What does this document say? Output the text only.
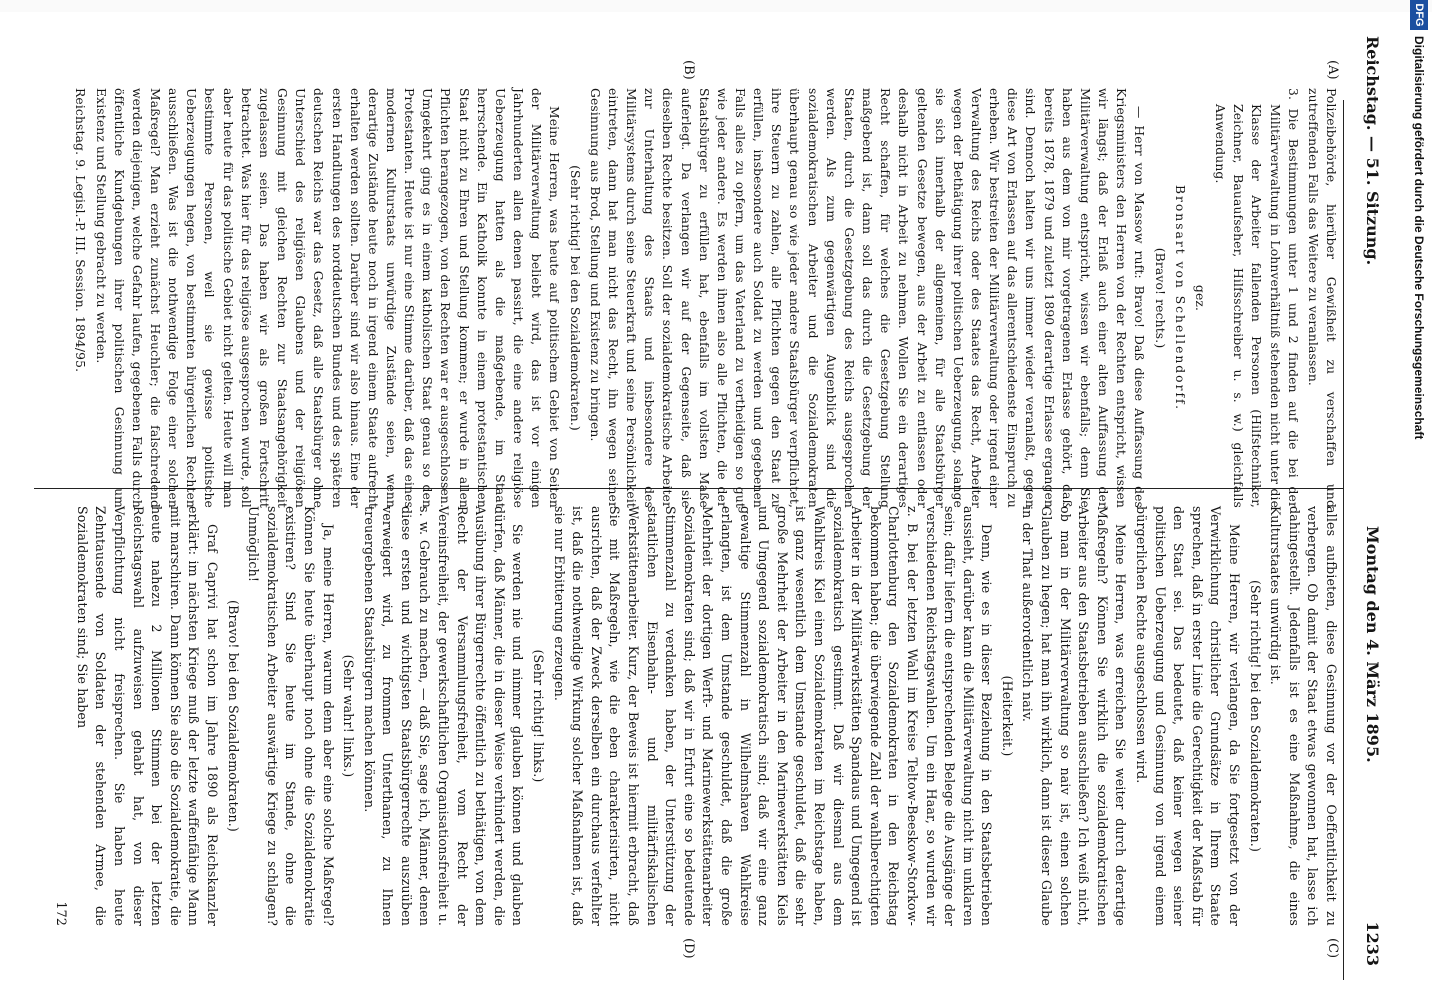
Reichstag. — 51. Sitzung.
Montag den 4. März 1895.
1233
(A)
(B)
(C)
(D)

Polizeibehörde, hierüber Gewißheit zu verschaffen und zutreffenden Falls das Weitere zu veranlassen.

3. Die Bestimmungen unter 1 und 2 finden auf die bei der Militärverwaltung in Lohnverhältniß stehenden nicht unter die Klasse der Arbeiter fallenden Personen (Hilfstechniker, Zeichner, Bauaufseher, Hilfsschreiber u. s. w.) gleichfalls Anwendung.

gez.

Bronsart von Schellendorff.

(Bravo! rechts.)

— Herr von Massow ruft: Bravo! Daß diese Auffassung des Kriegsministers den Herren von der Rechten entspricht, wissen wir längst; daß der Erlaß auch einer alten Auffassung der Militärverwaltung entspricht, wissen wir ebenfalls; denn Sie haben aus dem von mir vorgetragenen Erlasse gehört, daß bereits 1878, 1879 und zuletzt 1890 derartige Erlasse ergangen sind. Dennoch halten wir uns immer wieder veranlaßt, gegen diese Art von Erlassen auf das allerentschiedenste Einspruch zu erheben. Wir bestreiten der Militärverwaltung oder irgend einer Verwaltung des Reichs oder des Staates das Recht, Arbeiter wegen der Bethätigung ihrer politischen Ueberzeugung, solange sie sich innerhalb der allgemeinen, für alle Staatsbürger geltenden Gesetze bewegen, aus der Arbeit zu entlassen oder deshalb nicht in Arbeit zu nehmen. Wollen Sie ein derartiges Recht schaffen, für welches die Gesetzgebung Stellung maßgebend ist, dann soll das durch die Gesetzgebung der Staaten, durch die Gesetzgebung des Reichs ausgesprochen werden. Als zum gegenwärtigen Augenblick sind die sozialdemokratischen Arbeiter und die Sozialdemokraten überhaupt genau so wie jeder andere Staatsbürger verpflichtet, ihre Steuern zu zahlen, alle Pflichten gegen den Staat zu erfüllen, insbesondere auch Soldat zu werden und gegebenen Falls alles zu opfern, um das Vaterland zu vertheidigen so gut wie jeder andere. Es werden ihnen also alle Pflichten, die der Staatsbürger zu erfüllen hat, ebenfalls im vollsten Maße auferlegt. Da verlangen wir auf der Gegenseite, daß sie dieselben Rechte besitzen. Soll der sozialdemokratische Arbeiter zur Unterhaltung des Staats und insbesondere des Militärsystems durch seine Steuerkraft und seine Persönlichkeit eintreten, dann hat man nicht das Recht, ihn wegen seiner Gesinnung aus Brod, Stellung und Existenz zu bringen.

(Sehr richtig! bei den Sozialdemokraten.)

Meine Herren, was heute auf politischem Gebiet von Seiten der Militärverwaltung beliebt wird, das ist vor einigen Jahrhunderten allen denen passirt, die eine andere religiöse Ueberzeugung hatten als die maßgebende, im Staat herrschende. Ein Katholik konnte in einem protestantischen Staat nicht zu Ehren und Stellung kommen; er wurde in allen Pflichten herangezogen, von den Rechten war er ausgeschlossen. Umgekehrt ging es in einem katholischen Staat genau so den Protestanten. Heute ist nur eine Stimme darüber, daß das eines modernen Kulturstaats unwürdige Zustände seien, wenn derartige Zustände heute noch in irgend einem Staate aufrecht erhalten werden sollten. Darüber sind wir also hinaus. Eine der ersten Handlungen des norddeutschen Bundes und des späteren deutschen Reichs war das Gesetz, daß alle Staatsbürger ohne Unterschied des religiösen Glaubens und der religiösen Gesinnung mit gleichen Rechten zur Staatsangehörigkeit zugelassen seien. Das haben wir als großen Fortschritt betrachtet. Was hier für das religiöse ausgesprochen wurde, soll aber heute für das politische Gebiet nicht gelten. Heute will man bestimmte Personen, weil sie gewisse politische Ueberzeugungen hegen, von bestimmten bürgerlichen Rechten ausschließen. Was ist die nothwendige Folge einer solchen Maßregel? Man erzieht zunächst Heuchler; die falschredend werden diejenigen, welche Gefahr laufen, gegebenen Falls durch öffentliche Kundgebungen ihrer politischen Gesinnung um Existenz und Stellung gebracht zu werden.

Reichstag. 9. Legisl.-P. III. Session. 1894/95.

alles aufbieten, diese Gesinnung vor der Oeffentlichkeit zu verbergen. Ob damit der Staat etwas gewonnen hat, lasse ich dahingestellt. Jedenfalls ist es eine Maßnahme, die eines Kulturstaates unwürdig ist.

(Sehr richtig! bei den Sozialdemokraten.)

Meine Herren, wir verlangen, da Sie fortgesetzt von der Verwirklichung christlicher Grundsätze in Ihrem Staate sprechen, daß in erster Linie die Gerechtigkeit der Maßstab für den Staat sei. Das bedeutet, daß keiner wegen seiner politischen Ueberzeugung und Gesinnung von irgend einem bürgerlichen Rechte ausgeschlossen wird.

Meine Herren, was erreichen Sie weiter durch derartige Maßregeln? Können Sie wirklich die sozialdemokratischen Arbeiter aus den Staatsbetrieben ausschließen? Ich weiß nicht, ob man in der Militärverwaltung so naiv ist, einen solchen Glauben zu hegen; hat man ihn wirklich, dann ist dieser Glaube in der That außerordentlich naiv.

(Heiterkeit.)

Denn, wie es in dieser Beziehung in den Staatsbetrieben aussieht, darüber kann die Militärverwaltung nicht im unklaren sein; dafür liefern die entsprechenden Belege die Ausgänge der verschiedenen Reichstagswahlen. Um ein Haar, so wurden wir z. B. bei der letzten Wahl im Kreise Teltow-Beeskow-Storkow-Charlottenburg den Sozialdemokraten in den Reichstag bekommen haben; die überwiegende Zahl der wahlberechtigten Arbeiter in der Militärwerkstätten Spandaus und Umgegend ist sozialdemokratisch gestimmt. Daß wir diesmal aus dem Wahlkreis Kiel einen Sozialdemokraten im Reichstage haben, ist ganz wesentlich dem Umstande geschuldet, daß die sehr große Mehrheit der Arbeiter in den Marinewerkstätten Kiels und Umgegend sozialdemokratisch sind; daß wir eine ganz gewaltige Stimmenzahl in Wilhelmshaven Wahlkreise erlangten, ist dem Umstande geschuldet, daß die große Mehrheit der dortigen Werft- und Marinewerkstättenarbeiter Sozialdemokraten sind; daß wir in Erfurt eine so bedeutende Stimmenzahl zu verdanken haben, der Unterstützung der staatlichen Eisenbahn- und militärfiskalischen Werkstättenarbeiter. Kurz, der Beweis ist hiermit erbracht, daß Sie mit Maßregeln, wie die eben charakterisirten, nicht ausrichten, daß der Zweck derselben ein durchaus verfehlter ist, daß die nothwendige Wirkung solcher Maßnahmen ist, daß sie nur Erbitterung erzeugen.

(Sehr richtig! links.)

Sie werden nie und nimmer glauben können und glauben dürfen, daß Männer, die in dieser Weise verhindert werden, die Ausübung ihrer Bürgerrechte öffentlich zu bethätigen, von dem Recht der Versammlungsfreiheit, vom Recht der Vereinsfreiheit, der gewerkschaftlichen Organisationsfreiheit u. s. w. Gebrauch zu machen, — daß Sie, sage ich, Männer, denen diese ersten und wichtigsten Staatsbürgerrechte auszuüben verweigert wird, zu frommen Unterthanen, zu Ihnen treuergebenen Staatsbürgern machen können.

(Sehr wahr! links.)

Ja, meine Herren, warum denn aber eine solche Maßregel? Können Sie heute überhaupt noch ohne die Sozialdemokratie existiren? Sind Sie heute im Stande, ohne die sozialdemokratischen Arbeiter auswärtige Kriege zu schlagen? Unmöglich!

(Bravo! bei den Sozialdemokraten.)

Graf Caprivi hat schon im Jahre 1890 als Reichskanzler erklärt: im nächsten Kriege muß der letzte waffenfähige Mann mit marschiren. Dann können Sie also die Sozialdemokratie, die heute nahezu 2 Millionen Stimmen bei der letzten Reichstagswahl aufzuweisen gehabt hat, von dieser Verpflichtung nicht freisprechen. Sie haben heute Zehntausende von Soldaten der stehenden Armee, die Sozialdemokraten sind; Sie haben

172

DFG
Digitalisierung gefördert durch die Deutsche Forschungsgemeinschaft
